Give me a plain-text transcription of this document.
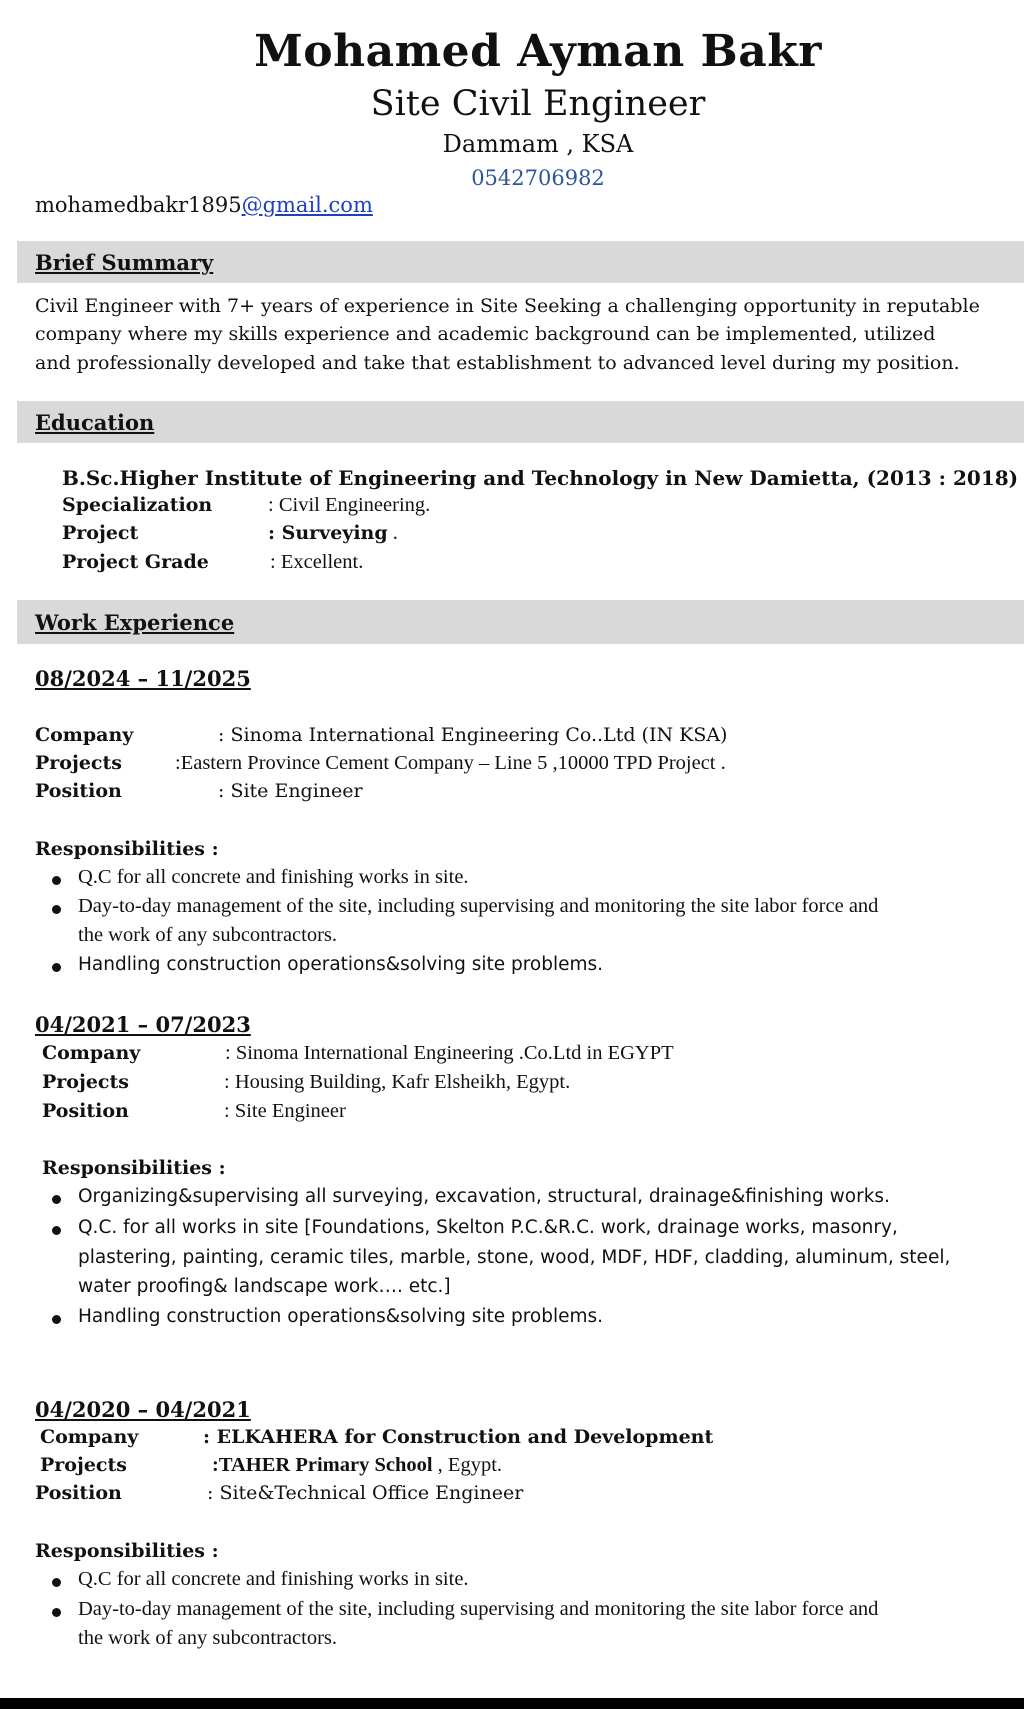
Mohamed Ayman Bakr
Site Civil Engineer
Dammam , KSA
0542706982
mohamedbakr1895@gmail.com
Brief Summary
Civil Engineer with 7+ years of experience in Site Seeking a challenging opportunity in reputable
company where my skills experience and academic background can be implemented, utilized
and professionally developed and take that establishment to advanced level during my position.
Education
B.Sc.Higher Institute of Engineering and Technology in New Damietta, (2013 : 2018)
Specialization	: Civil Engineering.
Project	: Surveying .
Project Grade	: Excellent.
Work Experience
08/2024 – 11/2025
Company	: Sinoma International Engineering Co..Ltd (IN KSA)
Projects	:Eastern Province Cement Company – Line 5 ,10000 TPD Project .
Position	: Site Engineer
Responsibilities :
Q.C for all concrete and finishing works in site.
Day-to-day management of the site, including supervising and monitoring the site labor force and
the work of any subcontractors.
Handling construction operations&solving site problems.
04/2021 – 07/2023
Company	: Sinoma International Engineering .Co.Ltd in EGYPT
Projects	: Housing Building, Kafr Elsheikh, Egypt.
Position	: Site Engineer
Responsibilities :
Organizing&supervising all surveying, excavation, structural, drainage&finishing works.
Q.C. for all works in site [Foundations, Skelton P.C.&R.C. work, drainage works, masonry,
plastering, painting, ceramic tiles, marble, stone, wood, MDF, HDF, cladding, aluminum, steel,
water proofing& landscape work…. etc.]
Handling construction operations&solving site problems.
04/2020 – 04/2021
Company	: ELKAHERA for Construction and Development
Projects	:TAHER Primary School , Egypt.
Position	: Site&Technical Office Engineer
Responsibilities :
Q.C for all concrete and finishing works in site.
Day-to-day management of the site, including supervising and monitoring the site labor force and
the work of any subcontractors.
